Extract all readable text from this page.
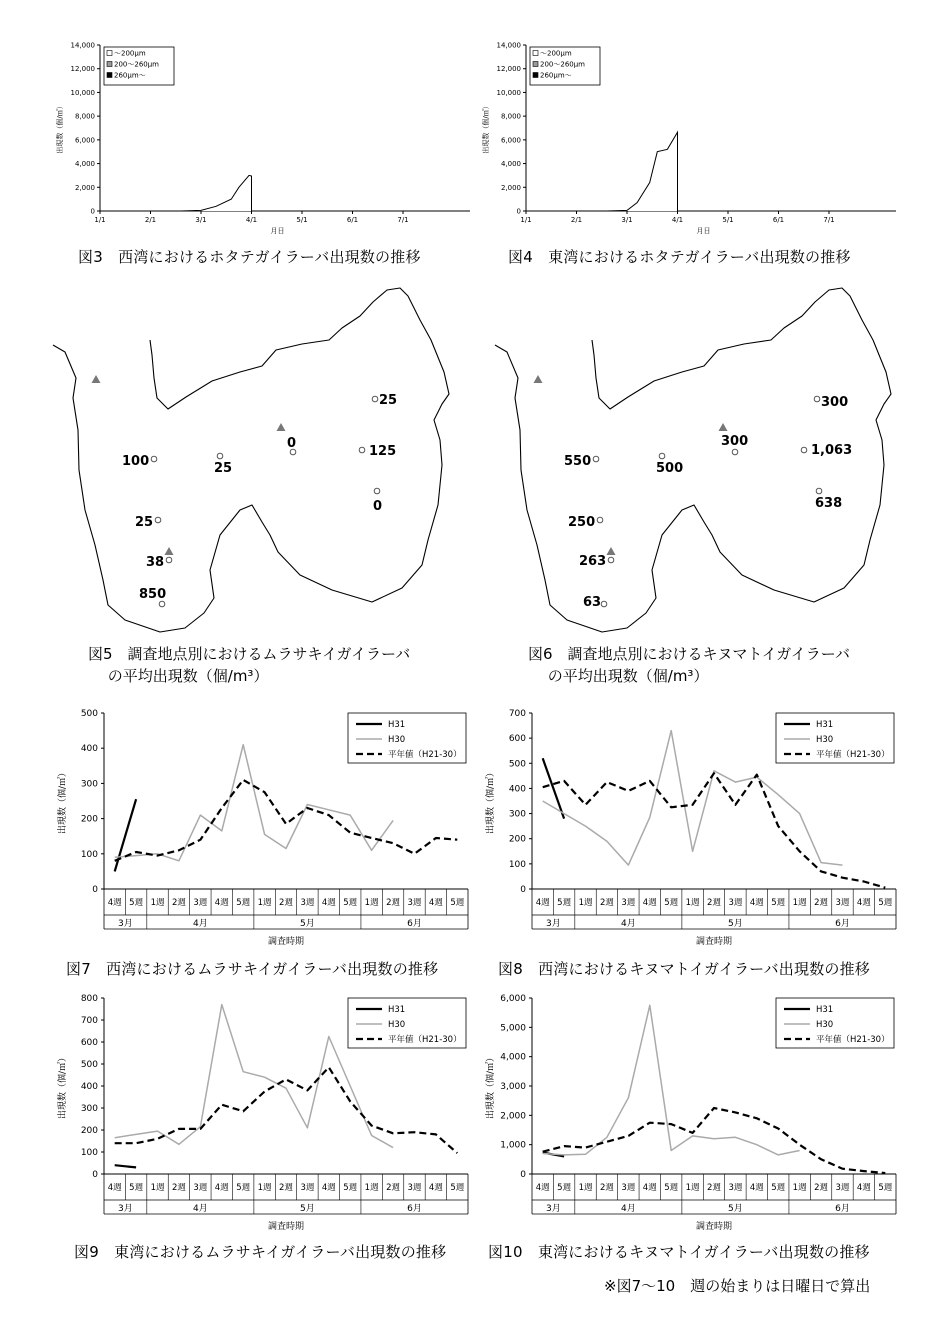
0
2,000
4,000
6,000
8,000
10,000
12,000
14,000
1/1	2/1	3/1	4/1	5/1	6/1	7/1
月日
出現数（個/㎥）
～200μm
200～260μm
260μm～
図3　西湾におけるホタテガイラーバ出現数の推移
0
2,000
4,000
6,000
8,000
10,000
12,000
14,000
1/1	2/1	3/1	4/1	5/1	6/1	7/1
月日
出現数（個/㎥）
～200μm
200～260μm
260μm～
図4　東湾におけるホタテガイラーバ出現数の推移
100	25
0
25
125
0
25
38
850
550	500
300
300
1,063
638
250
263
63
図5　調査地点別におけるムラサキイガイラーバ
　 の平均出現数（個/m³）
図6　調査地点別におけるキヌマトイガイラーバ
　 の平均出現数（個/m³）
0
100
200
300
400
500
出現数（個/㎥）
4週 5週 1週 2週 3週 4週 5週 1週 2週 3週 4週 5週 1週 2週 3週 4週 5週
3月	4月	5月	6月
調査時期
H31
H30
平年値（H21-30）
図7　西湾におけるムラサキイガイラーバ出現数の推移
0
100
200
300
400
500
600
700
出現数（個/㎥）
4週 5週 1週 2週 3週 4週 5週 1週 2週 3週 4週 5週 1週 2週 3週 4週 5週
3月	4月	5月	6月
調査時期
H31
H30
平年値（H21-30）
図8　西湾におけるキヌマトイガイラーバ出現数の推移
0
100
200
300
400
500
600
700
800
出現数（個/㎥）
4週 5週 1週 2週 3週 4週 5週 1週 2週 3週 4週 5週 1週 2週 3週 4週 5週
3月	4月	5月	6月
調査時期
H31
H30
平年値（H21-30）
図9　東湾におけるムラサキイガイラーバ出現数の推移
0
1,000
2,000
3,000
4,000
5,000
6,000
出現数（個/㎥）
4週 5週 1週 2週 3週 4週 5週 1週 2週 3週 4週 5週 1週 2週 3週 4週 5週
3月	4月	5月	6月
調査時期
H31
H30
平年値（H21-30）
図10　東湾におけるキヌマトイガイラーバ出現数の推移
※図7～10　週の始まりは日曜日で算出
